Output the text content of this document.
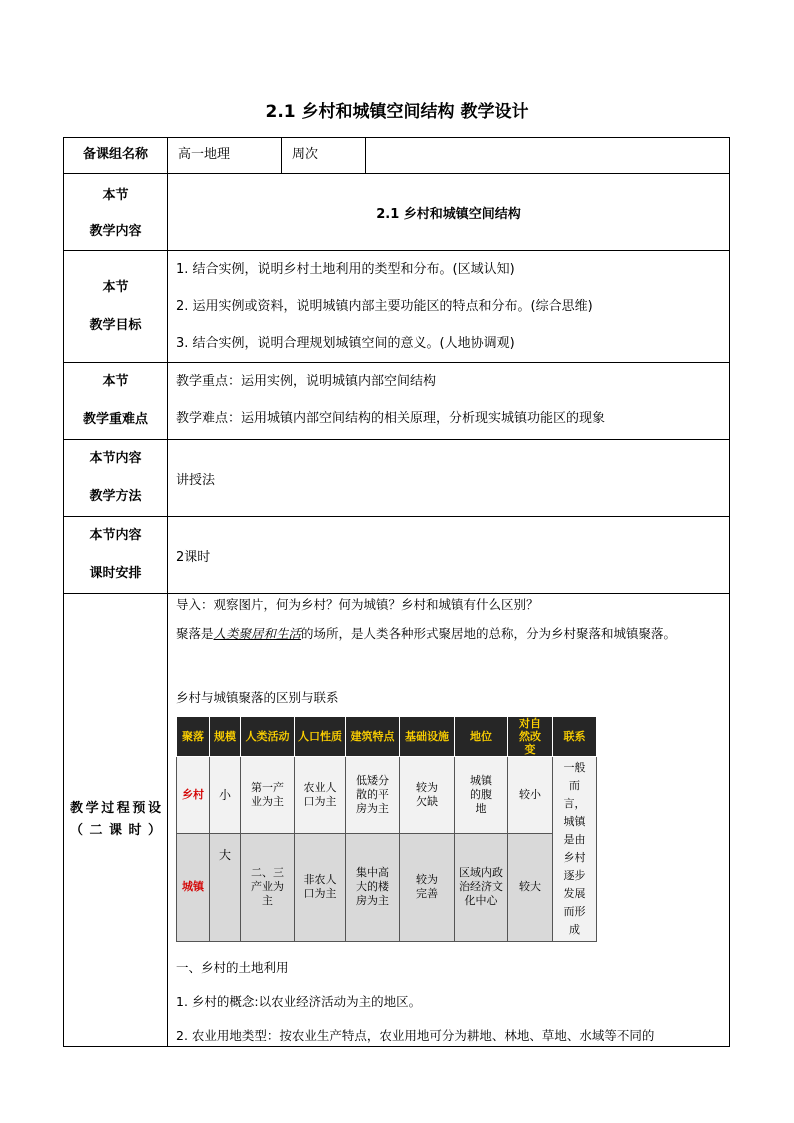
2.1 乡村和城镇空间结构 教学设计
备课组名称	高一地理	周次	

本节
教学内容
	2.1 乡村和城镇空间结构

本节
教学目标

1. 结合实例，说明乡村土地利用的类型和分布。(区域认知)
2. 运用实例或资料，说明城镇内部主要功能区的特点和分布。(综合思维)
3. 结合实例，说明合理规划城镇空间的意义。(人地协调观)

本节
教学重难点

教学重点：运用实例，说明城镇内部空间结构
教学难点：运用城镇内部空间结构的相关原理，分析现实城镇功能区的现象

本节内容
教学方法
	讲授法

本节内容
课时安排
	2课时
教学过程预设（二课时）	

导入：观察图片，何为乡村？何为城镇？乡村和城镇有什么区别？

聚落是人类聚居和生活的场所，是人类各种形式聚居地的总称，分为乡村聚落和城镇聚落。

乡村与城镇聚落的区别与联系

聚落	规模	人类活动	人口性质	建筑特点	基础设施	地位	对自然改变	联系
乡村	小	第一产业为主	农业人口为主	低矮分散的平房为主	较为欠缺	城镇的腹地	较小	一般而言，城镇是由乡村逐步发展而形成
城镇	大	二、三产业为主	非农人口为主	集中高大的楼房为主	较为完善	区域内政治经济文化中心	较大

一、乡村的土地利用

1. 乡村的概念:以农业经济活动为主的地区。

2. 农业用地类型：按农业生产特点，农业用地可分为耕地、林地、草地、水域等不同的
